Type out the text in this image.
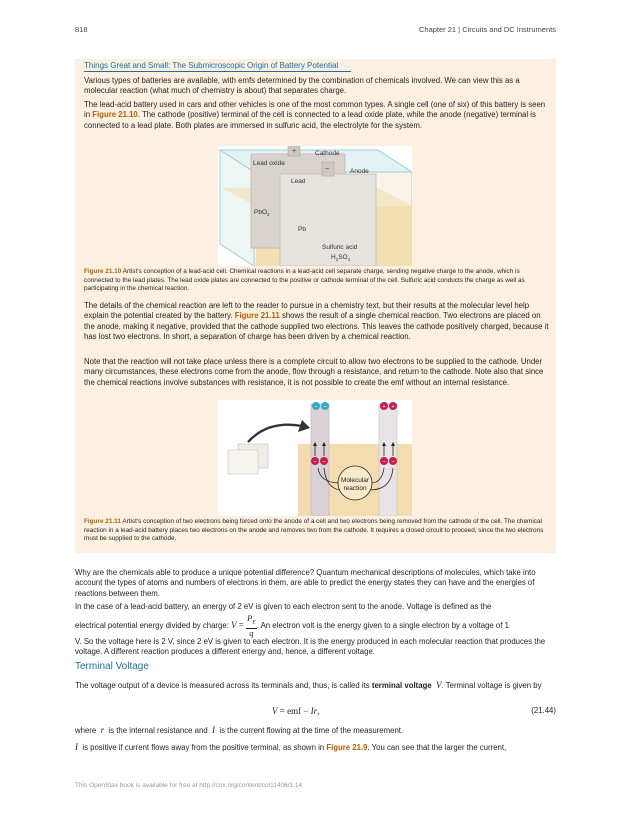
818	Chapter 21 | Circuits and DC Instruments
Things Great and Small: The Submicroscopic Origin of Battery Potential

Various types of batteries are available, with emfs determined by the combination of chemicals involved. We can view this as a molecular reaction (what much of chemistry is about) that separates charge.

The lead-acid battery used in cars and other vehicles is one of the most common types. A single cell (one of six) of this battery is seen in Figure 21.10. The cathode (positive) terminal of the cell is connected to a lead oxide plate, while the anode (negative) terminal is connected to a lead plate. Both plates are immersed in sulfuric acid, the electrolyte for the system.

+
−
Cathode
Anode
Lead oxide
Lead
PbO$_2$
Pb
Sulfuric acid
$H_2SO_4$

Figure 21.10 Artist's conception of a lead-acid cell. Chemical reactions in a lead-acid cell separate charge, sending negative charge to the anode, which is connected to the lead plates. The lead oxide plates are connected to the positive or cathode terminal of the cell. Sulfuric acid conducts the charge as well as participating in the chemical reaction.

The details of the chemical reaction are left to the reader to pursue in a chemistry text, but their results at the molecular level help explain the potential created by the battery. Figure 21.11 shows the result of a single chemical reaction. Two electrons are placed on the anode, making it negative, provided that the cathode supplied two electrons. This leaves the cathode positively charged, because it has lost two electrons. In short, a separation of charge has been driven by a chemical reaction.

Note that the reaction will not take place unless there is a complete circuit to allow two electrons to be supplied to the cathode. Under many circumstances, these electrons come from the anode, flow through a resistance, and return to the cathode. Note also that since the chemical reactions involve substances with resistance, it is not possible to create the emf without an internal resistance.

− −	+ +
− −	− −
Molecular
reaction

Figure 21.11 Artist's conception of two electrons being forced onto the anode of a cell and two electrons being removed from the cathode of the cell. The chemical reaction in a lead-acid battery places two electrons on the anode and removes two from the cathode. It requires a closed circuit to proceed, since the two electrons must be supplied to the cathode.

Why are the chemicals able to produce a unique potential difference? Quantum mechanical descriptions of molecules, which take into account the types of atoms and numbers of electrons in them, are able to predict the energy states they can have and the energies of reactions between them.

In the case of a lead-acid battery, an energy of 2 eV is given to each electron sent to the anode. Voltage is defined as the

electrical potential energy divided by charge: $V = \frac{P_E}{q}$ . An electron volt is the energy given to a single electron by a voltage of 1

V. So the voltage here is 2 V, since 2 eV is given to each electron. It is the energy produced in each molecular reaction that produces the voltage. A different reaction produces a different energy and, hence, a different voltage.

Terminal Voltage

The voltage output of a device is measured across its terminals and, thus, is called its terminal voltage V. Terminal voltage is given by

V = emf − Ir,	(21.44)

where  r  is the internal resistance and  I  is the current flowing at the time of the measurement.

I  is positive if current flows away from the positive terminal, as shown in Figure 21.9. You can see that the larger the current,

This OpenStax book is available for free at http://cnx.org/content/col11406/1.14
